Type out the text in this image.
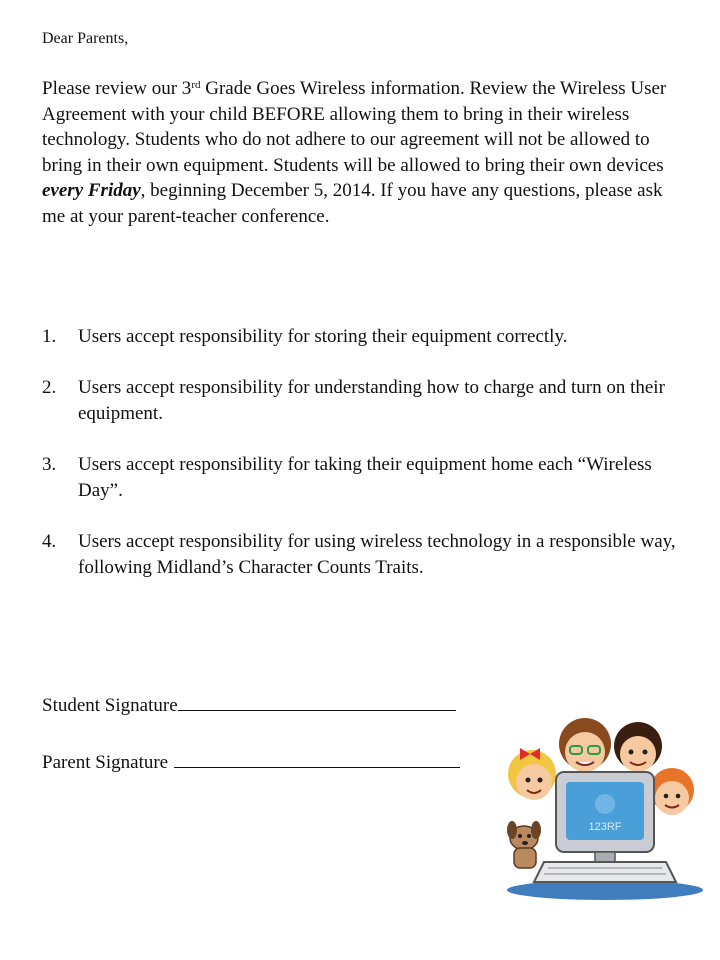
Dear Parents,

Please review our 3rd Grade Goes Wireless information. Review the Wireless User Agreement with your child BEFORE allowing them to bring in their wireless technology. Students who do not adhere to our agreement will not be allowed to bring in their own equipment. Students will be allowed to bring their own devices every Friday, beginning December 5, 2014. If you have any questions, please ask me at your parent-teacher conference.

1. Users accept responsibility for storing their equipment correctly.
2. Users accept responsibility for understanding how to charge and turn on their equipment.
3. Users accept responsibility for taking their equipment home each “Wireless Day”.
4. Users accept responsibility for using wireless technology in a responsible way, following Midland’s Character Counts Traits.

Student Signature

Parent Signature

123RF
